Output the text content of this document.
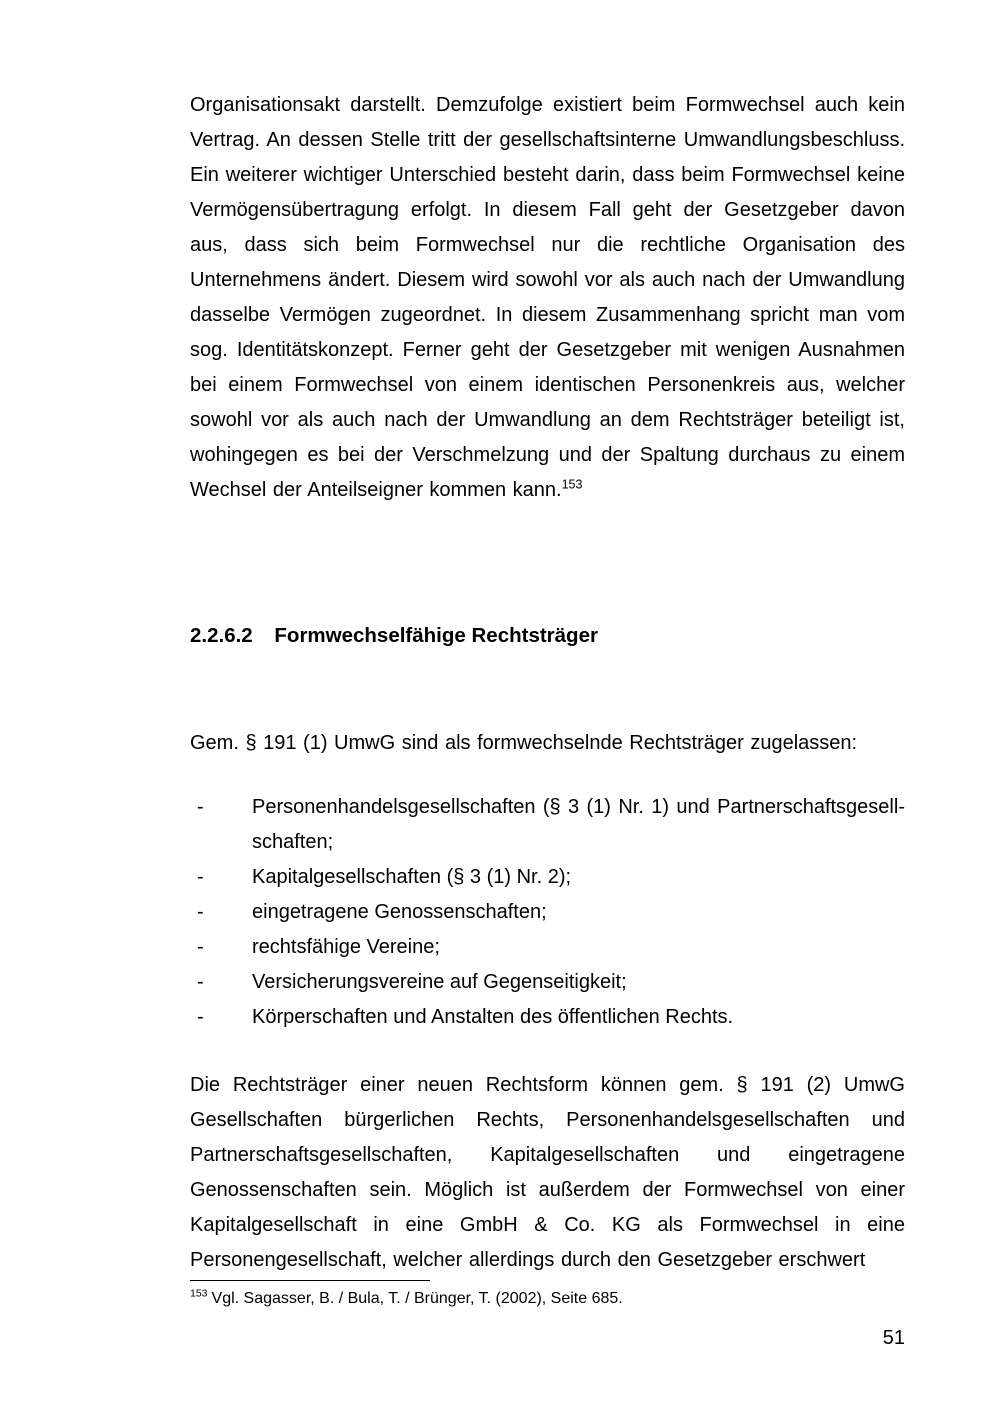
Organisationsakt darstellt. Demzufolge existiert beim Formwechsel auch kein Vertrag. An dessen Stelle tritt der gesellschaftsinterne Umwandlungsbeschluss. Ein weiterer wichtiger Unterschied besteht darin, dass beim Formwechsel keine Vermögensübertragung erfolgt. In diesem Fall geht der Gesetzgeber davon aus, dass sich beim Formwechsel nur die rechtliche Organisation des Unternehmens ändert. Diesem wird sowohl vor als auch nach der Umwandlung dasselbe Vermögen zugeordnet. In diesem Zusammenhang spricht man vom sog. Identitätskonzept. Ferner geht der Gesetzgeber mit wenigen Ausnahmen bei einem Formwechsel von einem identischen Personenkreis aus, welcher sowohl vor als auch nach der Umwandlung an dem Rechtsträger beteiligt ist, wohingegen es bei der Verschmelzung und der Spaltung durchaus zu einem Wechsel der Anteilseigner kommen kann.$^{153}$

2.2.6.2 Formwechselfähige Rechtsträger

Gem. § 191 (1) UmwG sind als formwechselnde Rechtsträger zugelassen:

-	Personenhandelsgesellschaften (§ 3 (1) Nr. 1) und Partnerschaftsgesellschaften;
-	Kapitalgesellschaften (§ 3 (1) Nr. 2);
-	eingetragene Genossenschaften;
-	rechtsfähige Vereine;
-	Versicherungsvereine auf Gegenseitigkeit;
-	Körperschaften und Anstalten des öffentlichen Rechts.

Die Rechtsträger einer neuen Rechtsform können gem. § 191 (2) UmwG Gesellschaften bürgerlichen Rechts, Personenhandelsgesellschaften und Partnerschaftsgesellschaften, Kapitalgesellschaften und eingetragene Genossenschaften sein. Möglich ist außerdem der Formwechsel von einer Kapitalgesellschaft in eine GmbH & Co. KG als Formwechsel in eine Personengesellschaft, welcher allerdings durch den Gesetzgeber erschwert

$^{153}$ Vgl. Sagasser, B. / Bula, T. / Brünger, T. (2002), Seite 685.

51
